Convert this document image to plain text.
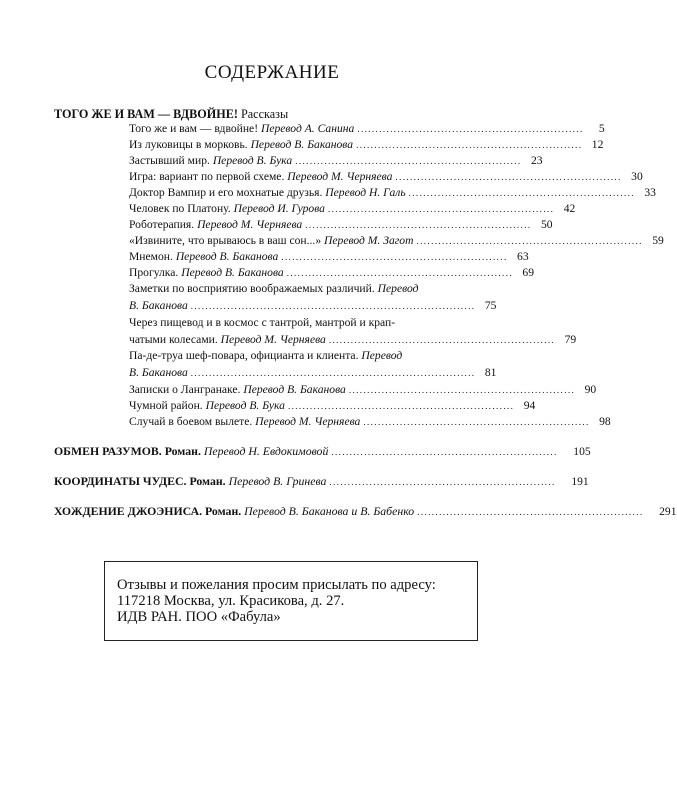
СОДЕРЖАНИЕ
ТОГО ЖЕ И ВАМ — ВДВОЙНЕ! Рассказы
Того же и вам — вдвойне! Перевод А. Санина ..............................................................	5
Из луковицы в морковь. Перевод В. Баканова .............................................................. 12
Застывший мир. Перевод В. Бука .............................................................. 23
Игра: вариант по первой схеме. Перевод М. Черняева .............................................................. 30
Доктор Вампир и его мохнатые друзья. Перевод Н. Галь .............................................................. 33
Человек по Платону. Перевод И. Гурова .............................................................. 42
Роботерапия. Перевод М. Черняева .............................................................. 50
«Извините, что врываюсь в ваш сон...» Перевод М. Загот .............................................................. 59
Мнемон. Перевод В. Баканова .............................................................. 63
Прогулка. Перевод В. Баканова .............................................................. 69
Заметки по восприятию воображаемых различий. Перевод
В. Баканова .............................................................................. 75
Через пищевод и в космос с тантрой, мантрой и крап-
чатыми колесами. Перевод М. Черняева .............................................................. 79
Па-де-труа шеф-повара, официанта и клиента. Перевод
В. Баканова .............................................................................. 81
Записки о Лангранаке. Перевод В. Баканова .............................................................. 90
Чумной район. Перевод В. Бука .............................................................. 94
Случай в боевом вылете. Перевод М. Черняева .............................................................. 98
ОБМЕН РАЗУМОВ. Роман. Перевод Н. Евдокимовой ..............................................................	105
КООРДИНАТЫ ЧУДЕС. Роман. Перевод В. Гринева ..............................................................	191
ХОЖДЕНИЕ ДЖОЭНИСА. Роман. Перевод В. Баканова и В. Бабенко ..............................................................	291
Отзывы и пожелания просим присылать по адресу:
117218 Москва, ул. Красикова, д. 27.
ИДВ РАН. ПОО «Фабула»
